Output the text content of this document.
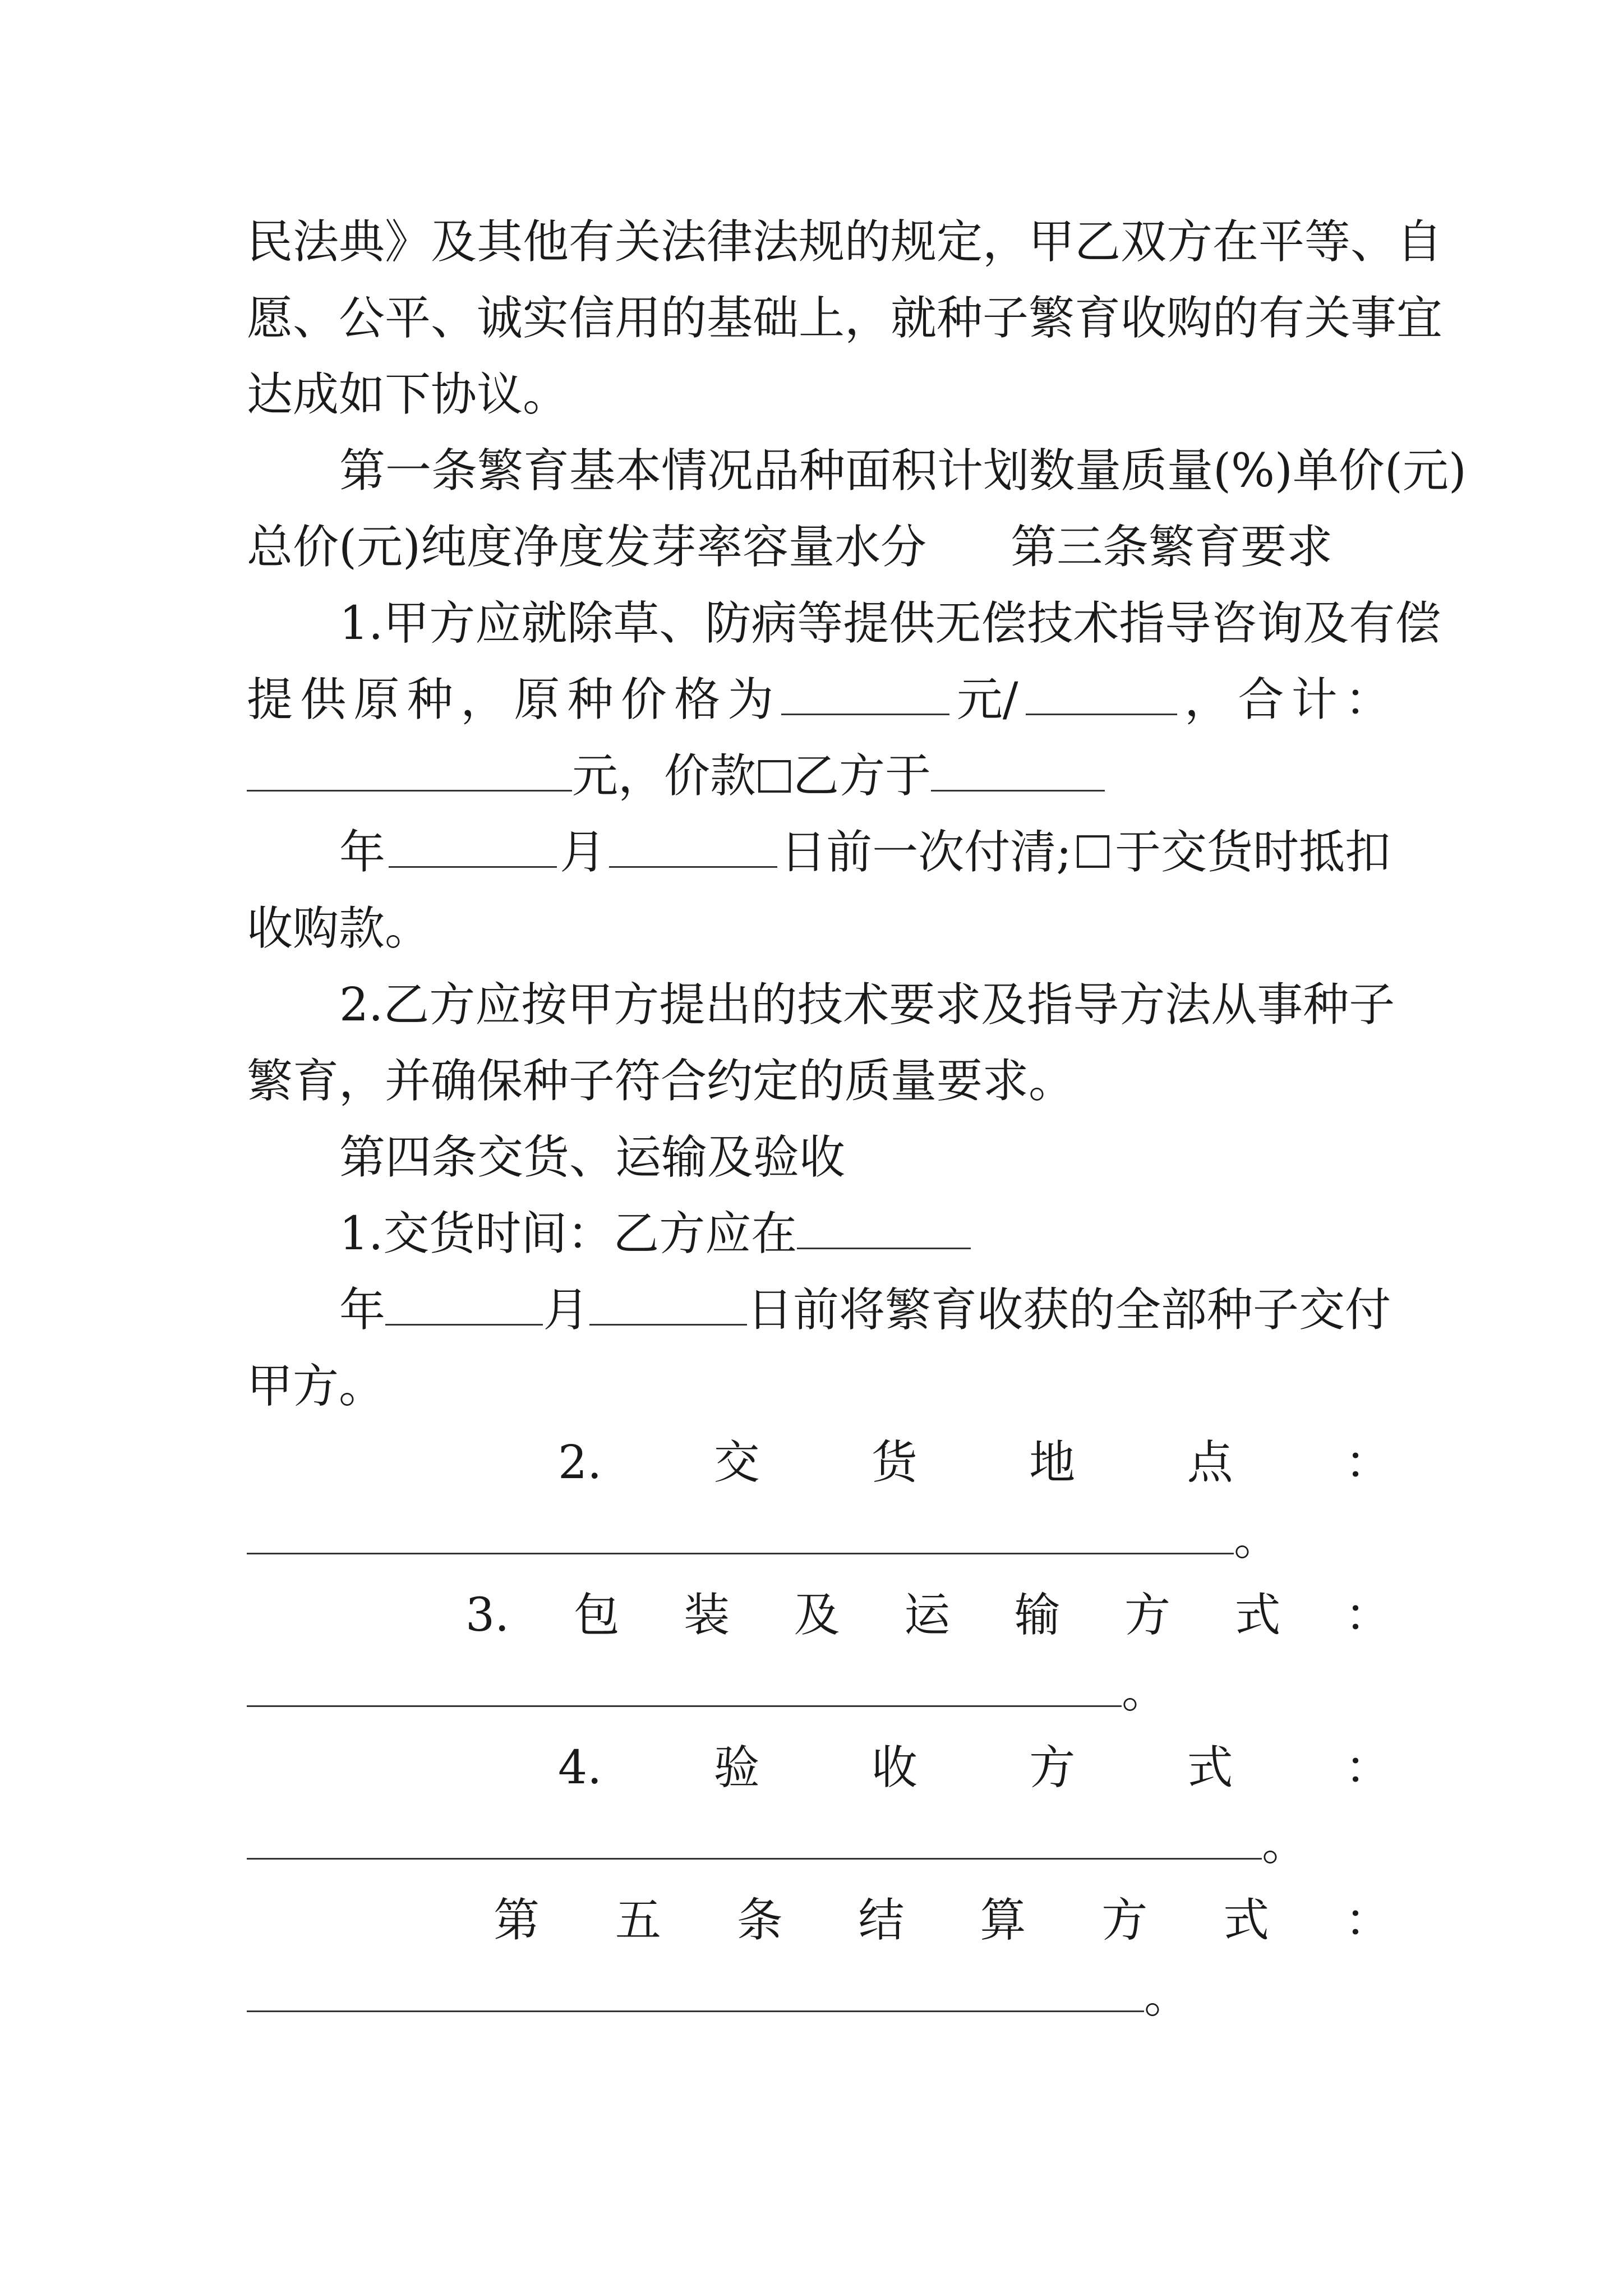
民法典》及其他有关法律法规的规定，甲乙双方在平等、自
愿、公平、诚实信用的基础上，就种子繁育收购的有关事宜
达成如下协议。
第一条繁育基本情况品种面积计划数量质量(%)单价(元)
总价(元)纯度净度发芽率容量水分 第三条繁育要求
1.甲方应就除草、防病等提供无偿技术指导咨询及有偿
提 供 原 种 ， 原 种 价 格 为	元/	， 合 计 ：
元，价款 乙方于
年	月	日前一次付清; 于交货时抵扣
收购款。
2.乙方应按甲方提出的技术要求及指导方法从事种子
繁育，并确保种子符合约定的质量要求。
第四条交货、运输及验收
1.交货时间：乙方应在
年	月	日前将繁育收获的全部种子交付
甲方。
2. 交 货 地 点 ：
。
3. 包 装 及 运 输 方 式 ：
。
4. 验 收 方 式 ：
。
第 五 条 结 算 方 式 ：
。
